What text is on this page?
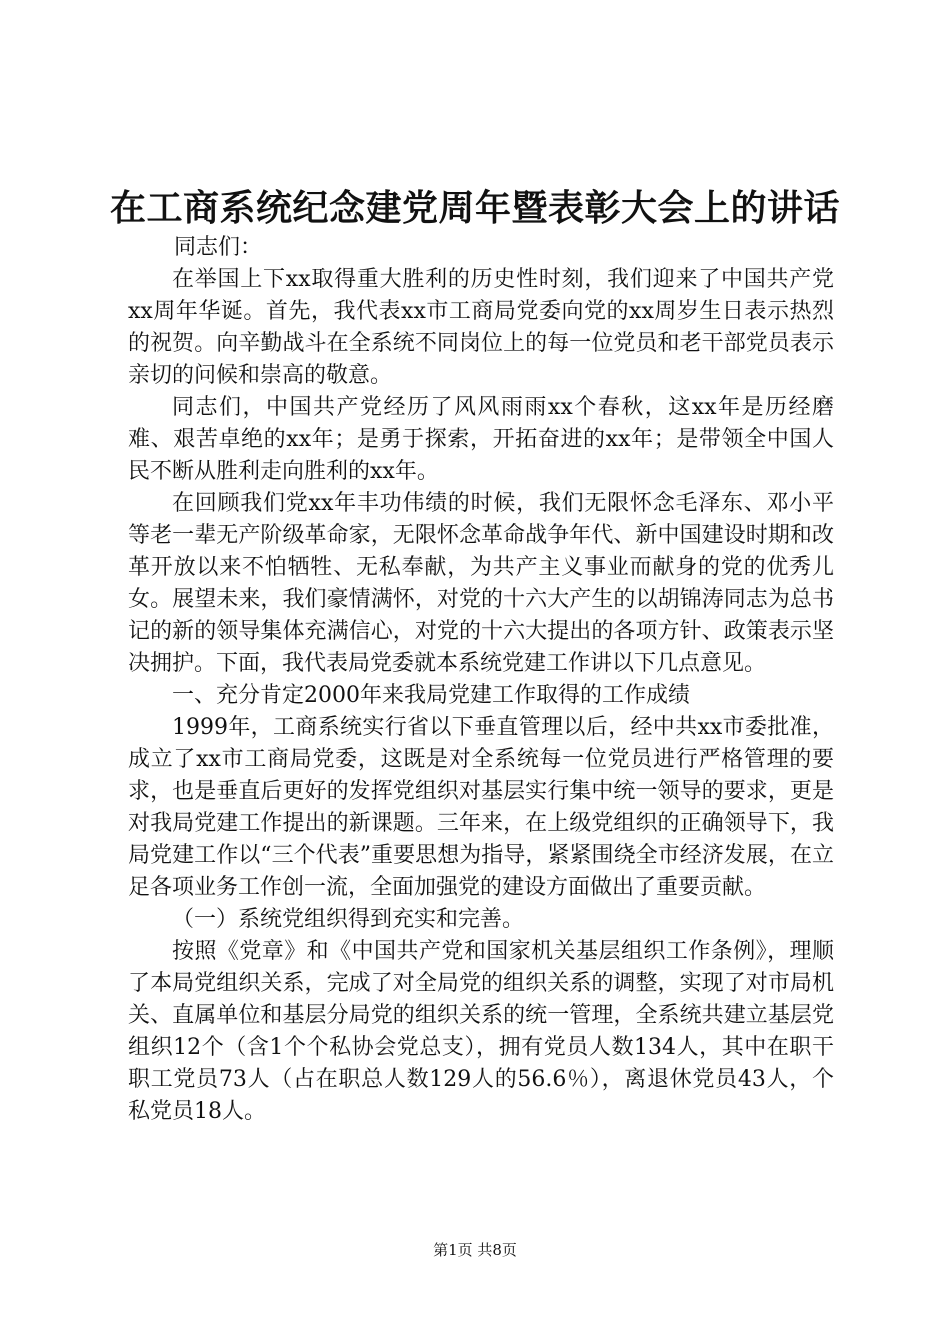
在工商系统纪念建党周年暨表彰大会上的讲话

同志们：

在举国上下xx取得重大胜利的历史性时刻，我们迎来了中国共产党xx周年华诞。首先，我代表xx市工商局党委向党的xx周岁生日表示热烈的祝贺。向辛勤战斗在全系统不同岗位上的每一位党员和老干部党员表示亲切的问候和崇高的敬意。

同志们，中国共产党经历了风风雨雨xx个春秋，这xx年是历经磨难、艰苦卓绝的xx年；是勇于探索，开拓奋进的xx年；是带领全中国人民不断从胜利走向胜利的xx年。

在回顾我们党xx年丰功伟绩的时候，我们无限怀念毛泽东、邓小平等老一辈无产阶级革命家，无限怀念革命战争年代、新中国建设时期和改革开放以来不怕牺牲、无私奉献，为共产主义事业而献身的党的优秀儿女。展望未来，我们豪情满怀，对党的十六大产生的以胡锦涛同志为总书记的新的领导集体充满信心，对党的十六大提出的各项方针、政策表示坚决拥护。下面，我代表局党委就本系统党建工作讲以下几点意见。

一、充分肯定2000年来我局党建工作取得的工作成绩

1999年，工商系统实行省以下垂直管理以后，经中共xx市委批准，成立了xx市工商局党委，这既是对全系统每一位党员进行严格管理的要求，也是垂直后更好的发挥党组织对基层实行集中统一领导的要求，更是对我局党建工作提出的新课题。三年来，在上级党组织的正确领导下，我局党建工作以“三个代表”重要思想为指导，紧紧围绕全市经济发展，在立足各项业务工作创一流，全面加强党的建设方面做出了重要贡献。

（一）系统党组织得到充实和完善。

按照《党章》和《中国共产党和国家机关基层组织工作条例》，理顺了本局党组织关系，完成了对全局党的组织关系的调整，实现了对市局机关、直属单位和基层分局党的组织关系的统一管理，全系统共建立基层党组织12个（含1个个私协会党总支），拥有党员人数134人，其中在职干职工党员73人（占在职总人数129人的56.6％），离退休党员43人，个私党员18人。

第1页 共8页
